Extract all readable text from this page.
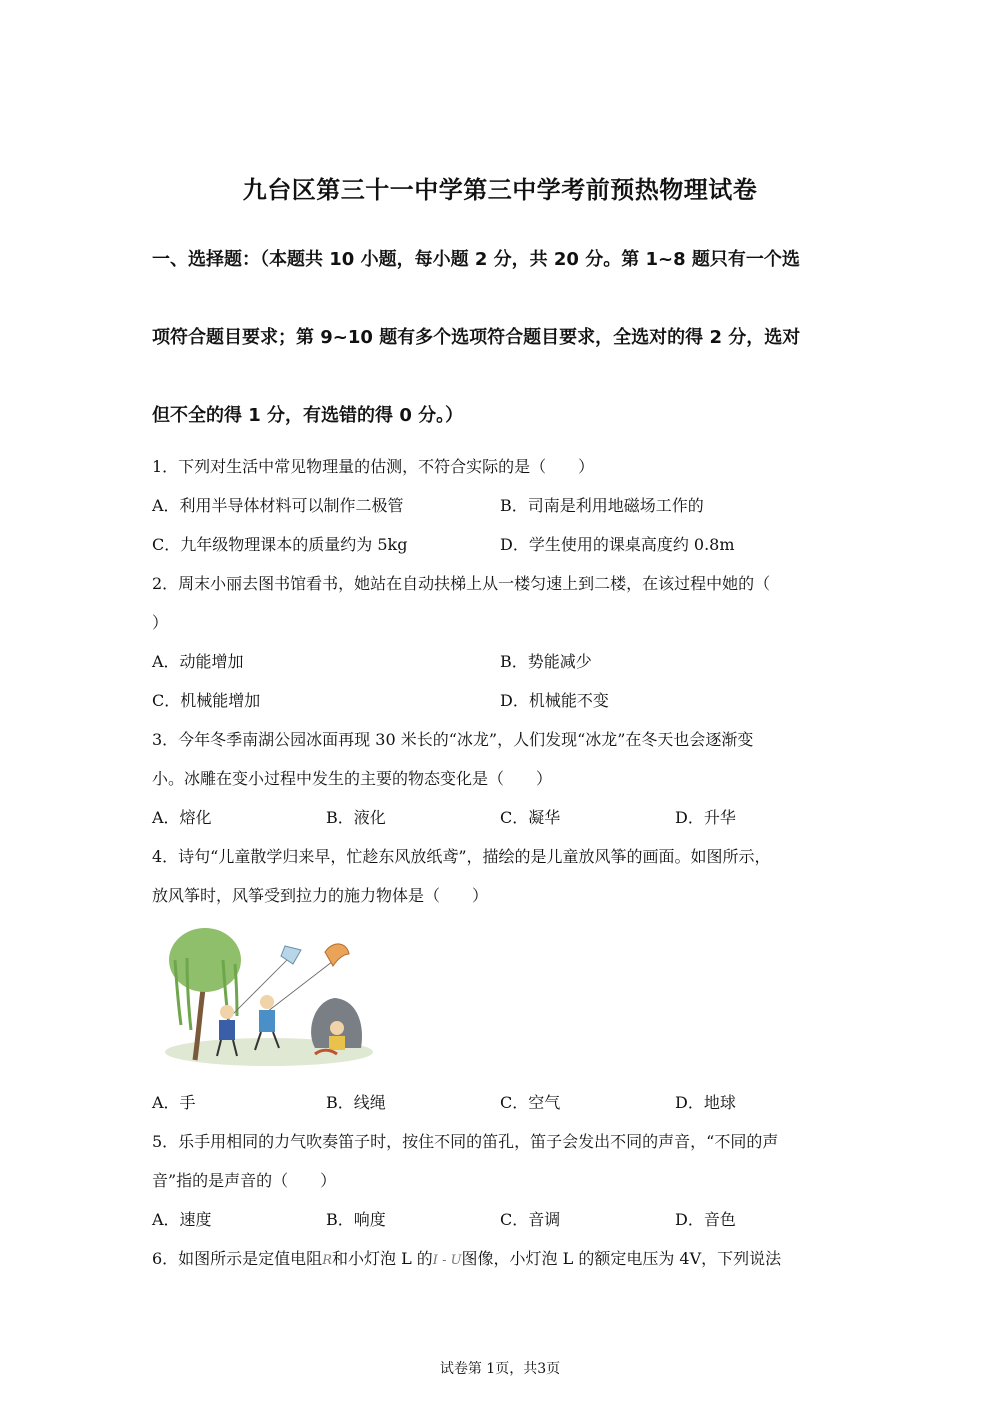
九台区第三十一中学第三中学考前预热物理试卷
一、选择题：（本题共 10 小题，每小题 2 分，共 20 分。第 1~8 题只有一个选
项符合题目要求；第 9~10 题有多个选项符合题目要求，全选对的得 2 分，选对
但不全的得 1 分，有选错的得 0 分。）
1．下列对生活中常见物理量的估测，不符合实际的是（　　）
A．利用半导体材料可以制作二极管	B．司南是利用地磁场工作的
C．九年级物理课本的质量约为 5kg	D．学生使用的课桌高度约 0.8m
2．周末小丽去图书馆看书，她站在自动扶梯上从一楼匀速上到二楼，在该过程中她的（
）
A．动能增加	B．势能减少
C．机械能增加	D．机械能不变
3．今年冬季南湖公园冰面再现 30 米长的“冰龙”，人们发现“冰龙”在冬天也会逐渐变
小。冰雕在变小过程中发生的主要的物态变化是（　　）
A．熔化	B．液化	C．凝华	D．升华
4．诗句“儿童散学归来早，忙趁东风放纸鸢”，描绘的是儿童放风筝的画面。如图所示，
放风筝时，风筝受到拉力的施力物体是（　　）
A．手	B．线绳	C．空气	D．地球
5．乐手用相同的力气吹奏笛子时，按住不同的笛孔，笛子会发出不同的声音，“不同的声
音”指的是声音的（　　）
A．速度	B．响度	C．音调	D．音色
6．如图所示是定值电阻R和小灯泡 L 的I - U图像，小灯泡 L 的额定电压为 4V，下列说法
试卷第 1页，共3页
